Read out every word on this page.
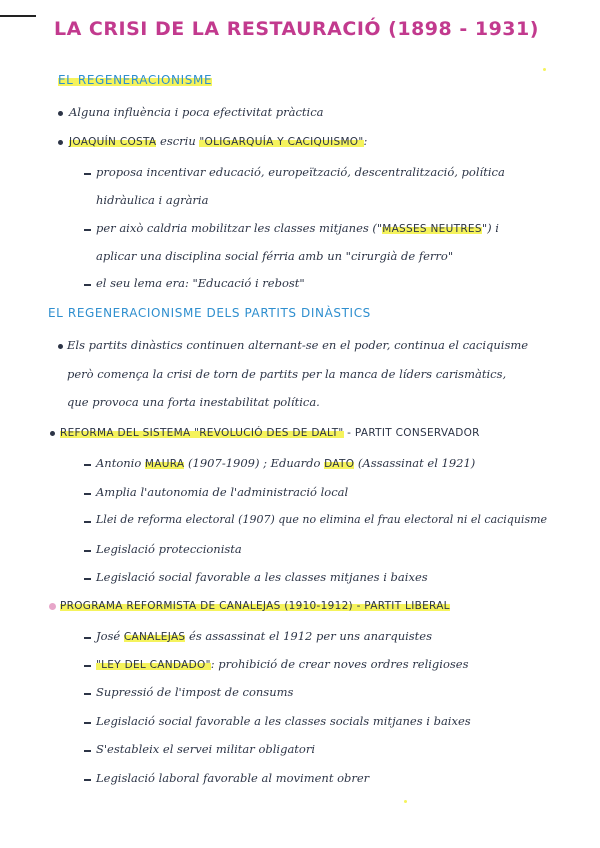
LA CRISI DE LA RESTAURACIÓ (1898 - 1931)
EL REGENERACIONISME
Alguna influència i poca efectivitat pràctica
JOAQUÍN COSTA escriu "OLIGARQUÍA Y CACIQUISMO":
proposa incentivar educació, europeïtzació, descentralització, política
hidràulica i agrària
per això caldria mobilitzar les classes mitjanes ("MASSES NEUTRES") i
aplicar una disciplina social férria amb un "cirurgià de ferro"
el seu lema era: "Educació i rebost"
EL REGENERACIONISME DELS PARTITS DINÀSTICS
Els partits dinàstics continuen alternant-se en el poder, continua el caciquisme
però comença la crisi de torn de partits per la manca de líders carismàtics,
que provoca una forta inestabilitat política.
REFORMA DEL SISTEMA "REVOLUCIÓ DES DE DALT" - PARTIT CONSERVADOR
Antonio MAURA (1907-1909) ; Eduardo DATO (Assassinat el 1921)
Amplia l'autonomia de l'administració local
Llei de reforma electoral (1907) que no elimina el frau electoral ni el caciquisme
Legislació proteccionista
Legislació social favorable a les classes mitjanes i baixes
PROGRAMA REFORMISTA DE CANALEJAS (1910-1912) - PARTIT LIBERAL
José CANALEJAS és assassinat el 1912 per uns anarquistes
"LEY DEL CANDADO": prohibició de crear noves ordres religioses
Supressió de l'impost de consums
Legislació social favorable a les classes socials mitjanes i baixes
S'estableix el servei militar obligatori
Legislació laboral favorable al moviment obrer
